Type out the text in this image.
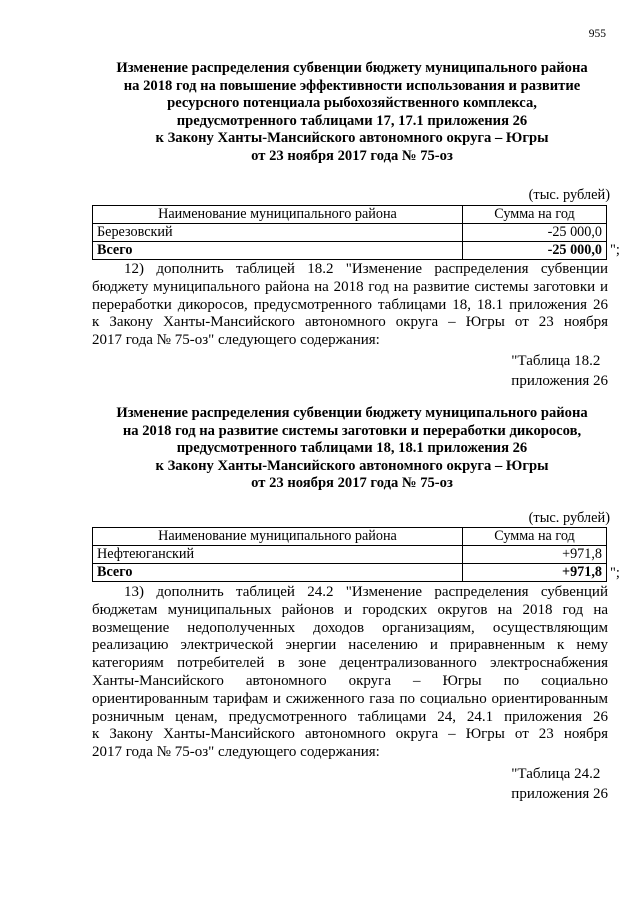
955
Изменение распределения субвенции бюджету муниципального района
на 2018 год на повышение эффективности использования и развитие
ресурсного потенциала рыбохозяйственного комплекса,
предусмотренного таблицами 17, 17.1 приложения 26
к Закону Ханты-Мансийского автономного округа – Югры
от 23 ноября 2017 года № 75-оз
(тыс. рублей)
Наименование муниципального района	Сумма на год
Березовский	-25 000,0
Всего	-25 000,0 ";
12) дополнить таблицей 18.2 "Изменение распределения субвенции
бюджету муниципального района на 2018 год на развитие системы заготовки и
переработки дикоросов, предусмотренного таблицами 18, 18.1 приложения 26
к Закону Ханты-Мансийского автономного округа – Югры от 23 ноября
2017 года № 75-оз" следующего содержания:
"Таблица 18.2
приложения 26
Изменение распределения субвенции бюджету муниципального района
на 2018 год на развитие системы заготовки и переработки дикоросов,
предусмотренного таблицами 18, 18.1 приложения 26
к Закону Ханты-Мансийского автономного округа – Югры
от 23 ноября 2017 года № 75-оз
(тыс. рублей)
Наименование муниципального района	Сумма на год
Нефтеюганский	+971,8
Всего	+971,8 ";
13) дополнить таблицей 24.2 "Изменение распределения субвенций
бюджетам муниципальных районов и городских округов на 2018 год на
возмещение недополученных доходов организациям, осуществляющим
реализацию электрической энергии населению и приравненным к нему
категориям потребителей в зоне децентрализованного электроснабжения
Ханты-Мансийского автономного округа – Югры по социально
ориентированным тарифам и сжиженного газа по социально ориентированным
розничным ценам, предусмотренного таблицами 24, 24.1 приложения 26
к Закону Ханты-Мансийского автономного округа – Югры от 23 ноября
2017 года № 75-оз" следующего содержания:
"Таблица 24.2
приложения 26
